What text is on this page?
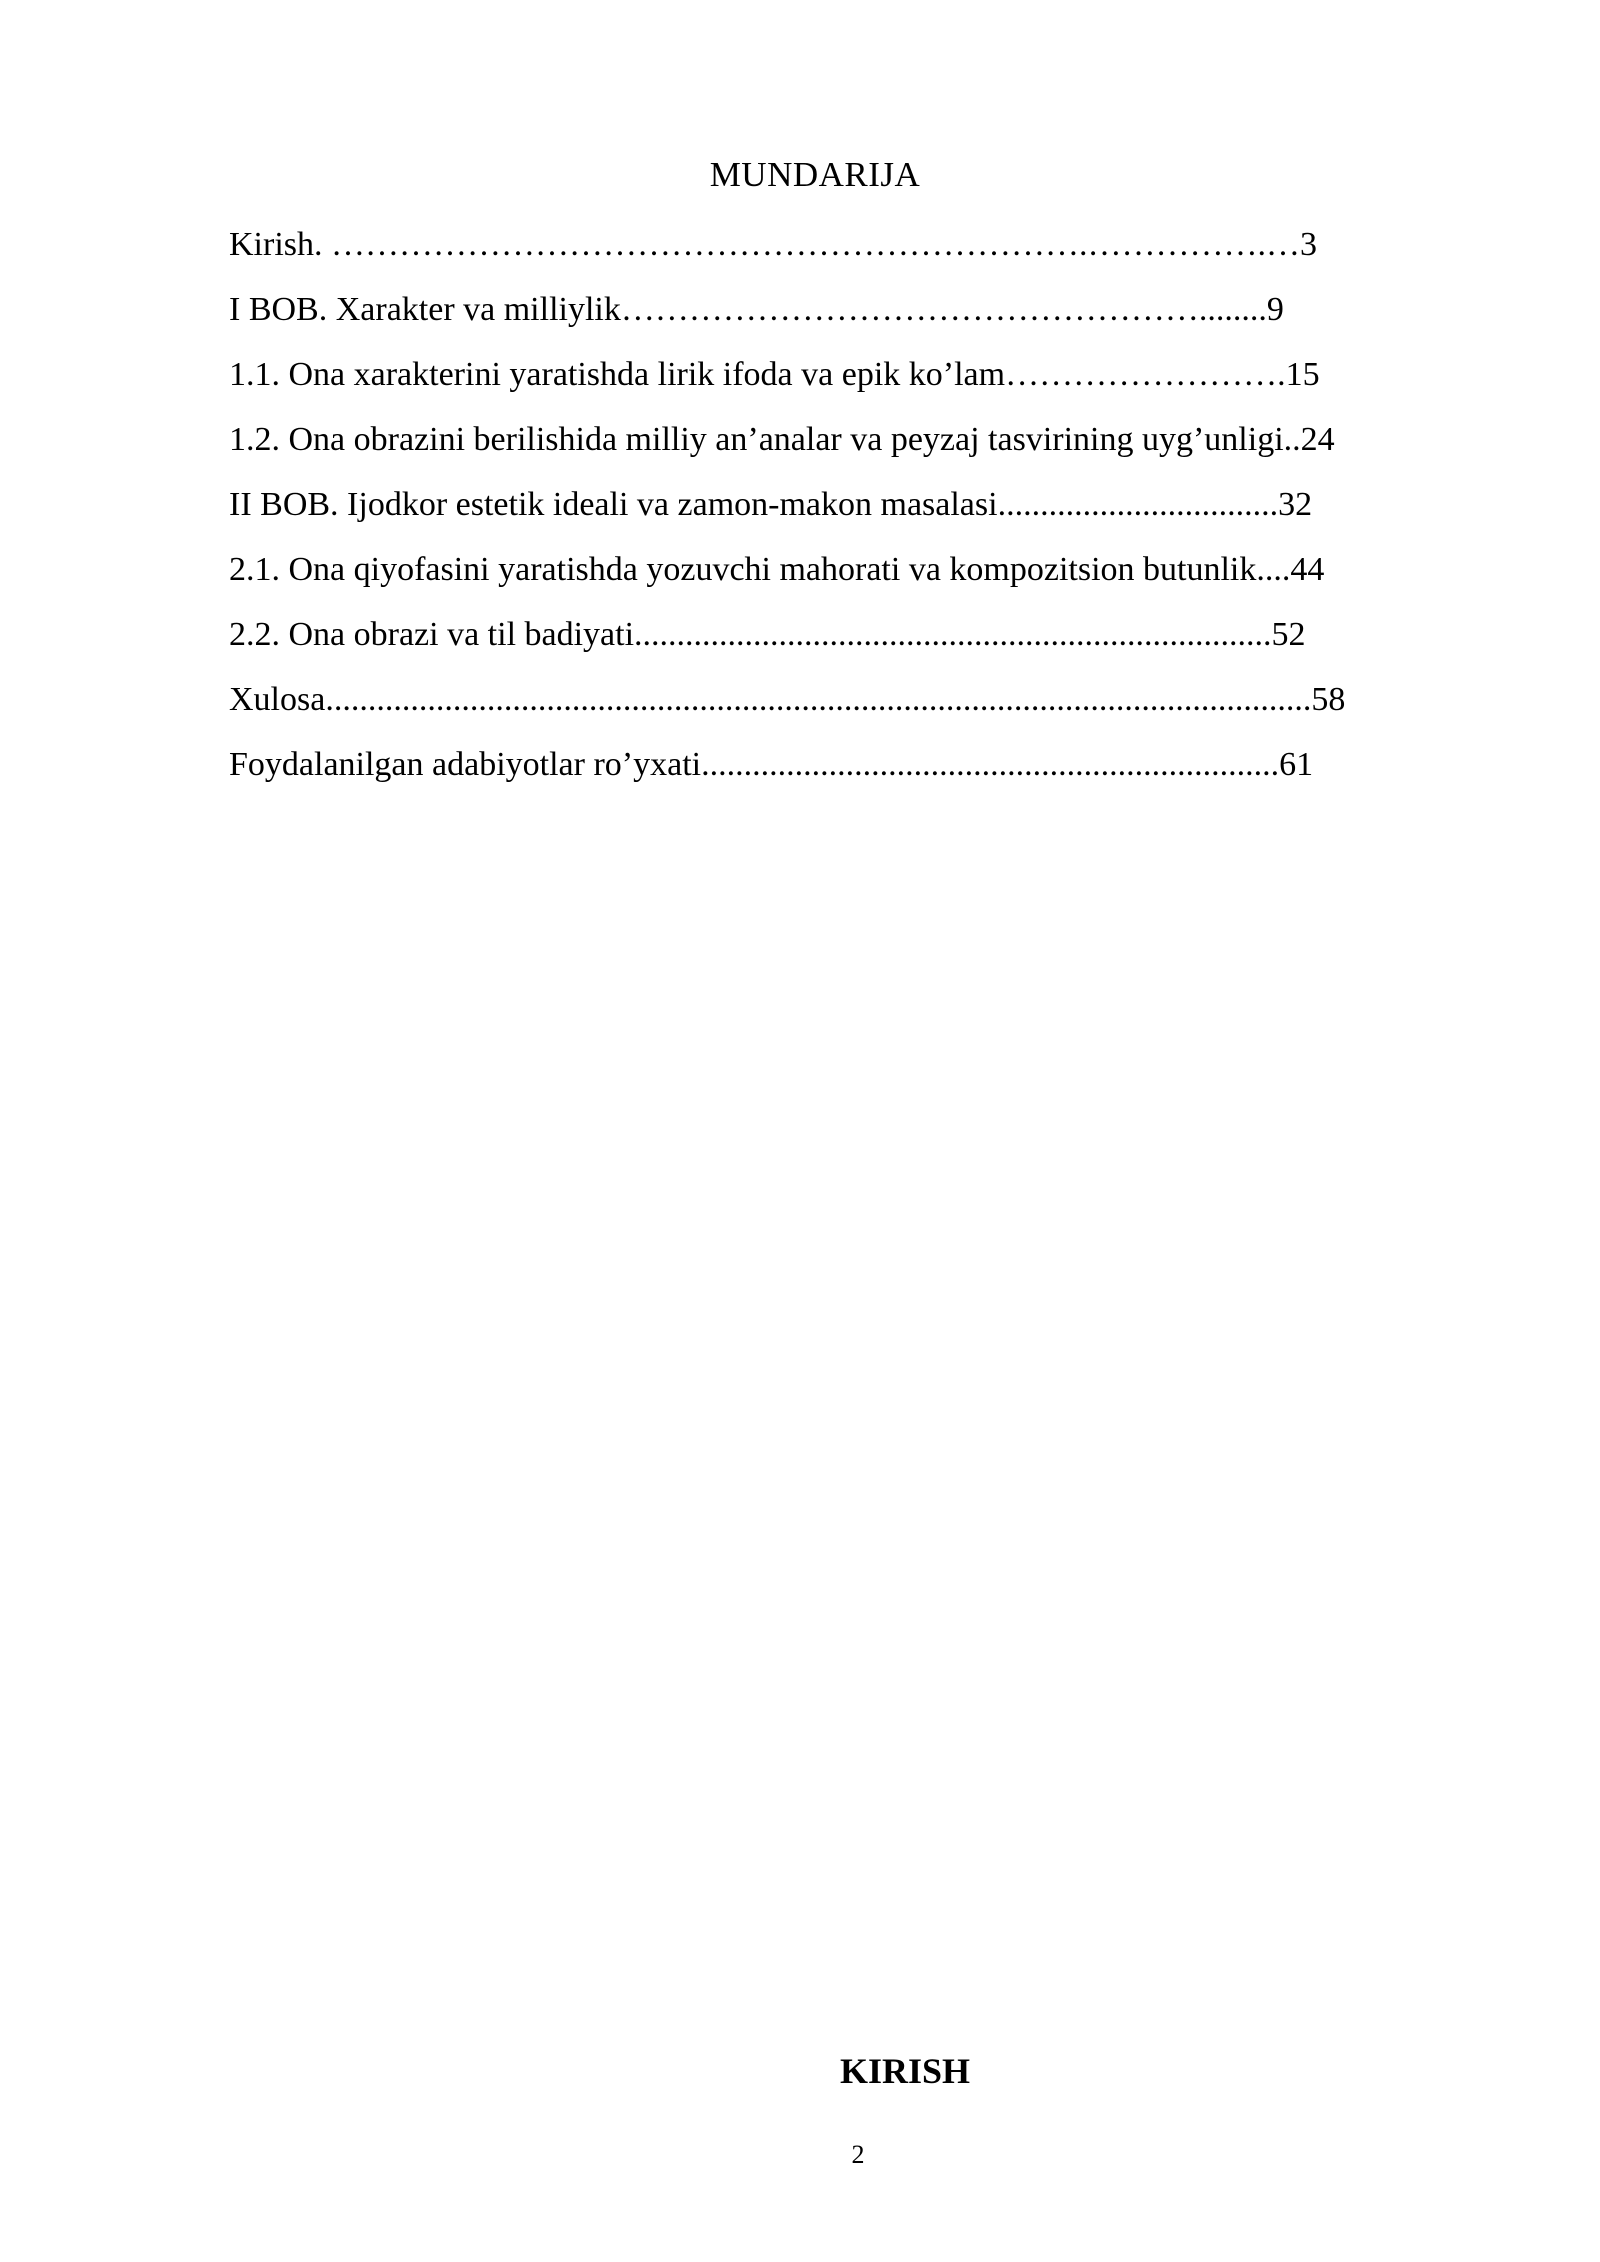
MUNDARIJA
Kirish. ………………………………………………………….…………….…3
I BOB. Xarakter va milliylik……………………………………………........9
1.1. Ona xarakterini yaratishda lirik ifoda va epik ko’lam…………………….15
1.2. Ona obrazini berilishida milliy an’analar va peyzaj tasvirining uyg’unligi..24
II BOB. Ijodkor estetik ideali va zamon-makon masalasi.................................32
2.1. Ona qiyofasini yaratishda yozuvchi mahorati va kompozitsion butunlik....44
2.2. Ona obrazi va til badiyati...........................................................................52
Xulosa....................................................................................................................58
Foydalanilgan adabiyotlar ro’yxati....................................................................61
KIRISH
2
